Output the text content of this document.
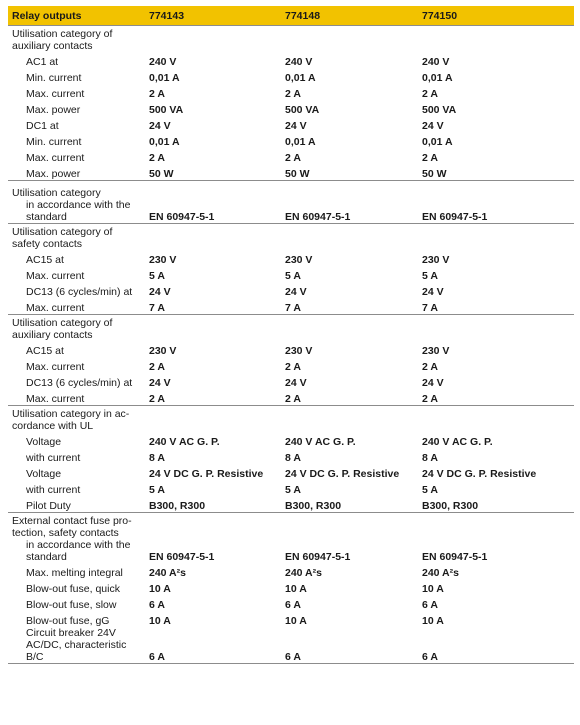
Relay outputs	774143	774148	774150
Utilisation category of auxiliary contacts			
AC1 at	240 V	240 V	240 V
Min. current	0,01 A	0,01 A	0,01 A
Max. current	2 A	2 A	2 A
Max. power	500 VA	500 VA	500 VA
DC1 at	24 V	24 V	24 V
Min. current	0,01 A	0,01 A	0,01 A
Max. current	2 A	2 A	2 A
Max. power	50 W	50 W	50 W
Utilisation category			
in accordance with the standard	EN 60947-5-1	EN 60947-5-1	EN 60947-5-1
Utilisation category of safety contacts			
AC15 at	230 V	230 V	230 V
Max. current	5 A	5 A	5 A
DC13 (6 cycles/min) at	24 V	24 V	24 V
Max. current	7 A	7 A	7 A
Utilisation category of auxiliary contacts			
AC15 at	230 V	230 V	230 V
Max. current	2 A	2 A	2 A
DC13 (6 cycles/min) at	24 V	24 V	24 V
Max. current	2 A	2 A	2 A
Utilisation category in ac- cordance with UL			
Voltage	240 V AC G. P.	240 V AC G. P.	240 V AC G. P.
with current	8 A	8 A	8 A
Voltage	24 V DC G. P. Resistive	24 V DC G. P. Resistive	24 V DC G. P. Resistive
with current	5 A	5 A	5 A
Pilot Duty	B300, R300	B300, R300	B300, R300
External contact fuse pro- tection, safety contacts			
in accordance with the standard	EN 60947-5-1	EN 60947-5-1	EN 60947-5-1
Max. melting integral	240 A²s	240 A²s	240 A²s
Blow-out fuse, quick	10 A	10 A	10 A
Blow-out fuse, slow	6 A	6 A	6 A
Blow-out fuse, gG	10 A	10 A	10 A
Circuit breaker 24V AC/DC, characteristic B/C	6 A	6 A	6 A
